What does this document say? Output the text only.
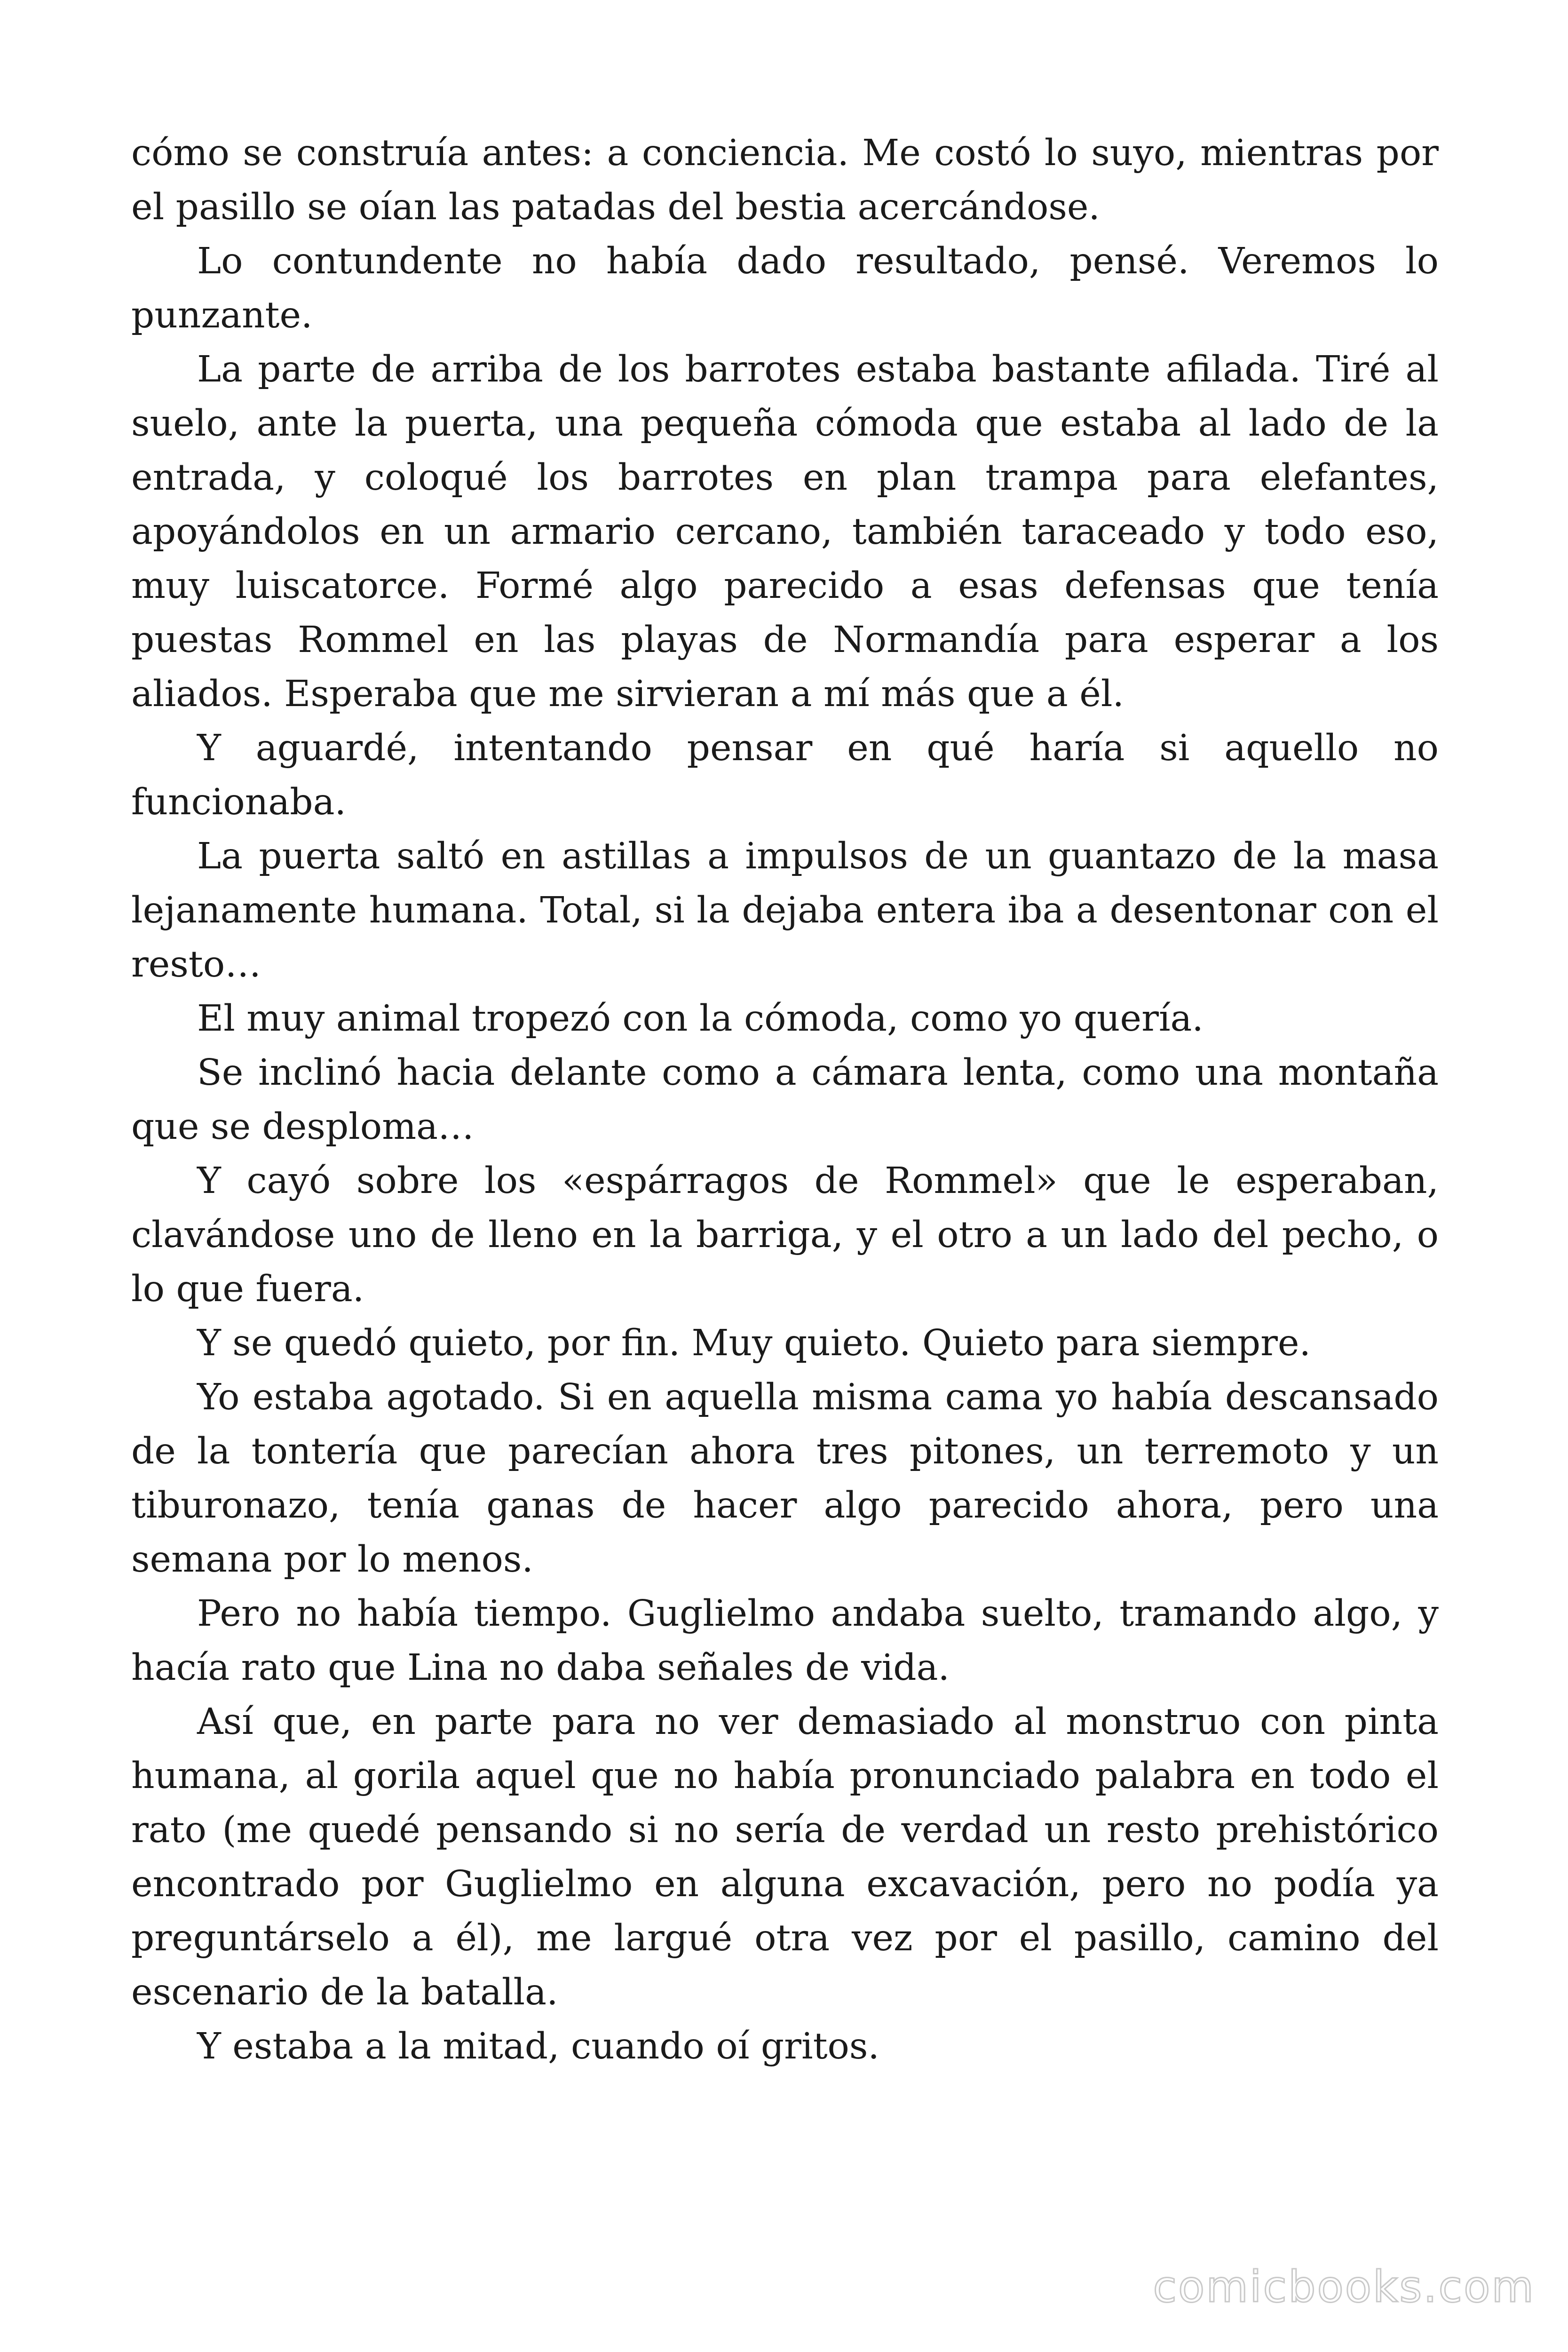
cómo se construía antes: a conciencia. Me costó lo suyo, mientras por el pasillo se oían las patadas del bestia acercándose.

Lo contundente no había dado resultado, pensé. Veremos lo punzante.

La parte de arriba de los barrotes estaba bastante afilada. Tiré al suelo, ante la puerta, una pequeña cómoda que estaba al lado de la entrada, y coloqué los barrotes en plan trampa para elefantes, apoyándolos en un armario cercano, también taraceado y todo eso, muy luiscatorce. Formé algo parecido a esas defensas que tenía puestas Rommel en las playas de Normandía para esperar a los aliados. Esperaba que me sirvieran a mí más que a él.

Y aguardé, intentando pensar en qué haría si aquello no funcionaba.

La puerta saltó en astillas a impulsos de un guantazo de la masa lejanamente humana. Total, si la dejaba entera iba a desentonar con el resto…

El muy animal tropezó con la cómoda, como yo quería.

Se inclinó hacia delante como a cámara lenta, como una montaña que se desploma…

Y cayó sobre los «espárragos de Rommel» que le esperaban, clavándose uno de lleno en la barriga, y el otro a un lado del pecho, o lo que fuera.

Y se quedó quieto, por fin. Muy quieto. Quieto para siempre.

Yo estaba agotado. Si en aquella misma cama yo había descansado de la tontería que parecían ahora tres pitones, un terremoto y un tiburonazo, tenía ganas de hacer algo parecido ahora, pero una semana por lo menos.

Pero no había tiempo. Guglielmo andaba suelto, tramando algo, y hacía rato que Lina no daba señales de vida.

Así que, en parte para no ver demasiado al monstruo con pinta humana, al gorila aquel que no había pronunciado palabra en todo el rato (me quedé pensando si no sería de verdad un resto prehistórico encontrado por Guglielmo en alguna excavación, pero no podía ya preguntárselo a él), me largué otra vez por el pasillo, camino del escenario de la batalla.

Y estaba a la mitad, cuando oí gritos.

comicbooks.com
